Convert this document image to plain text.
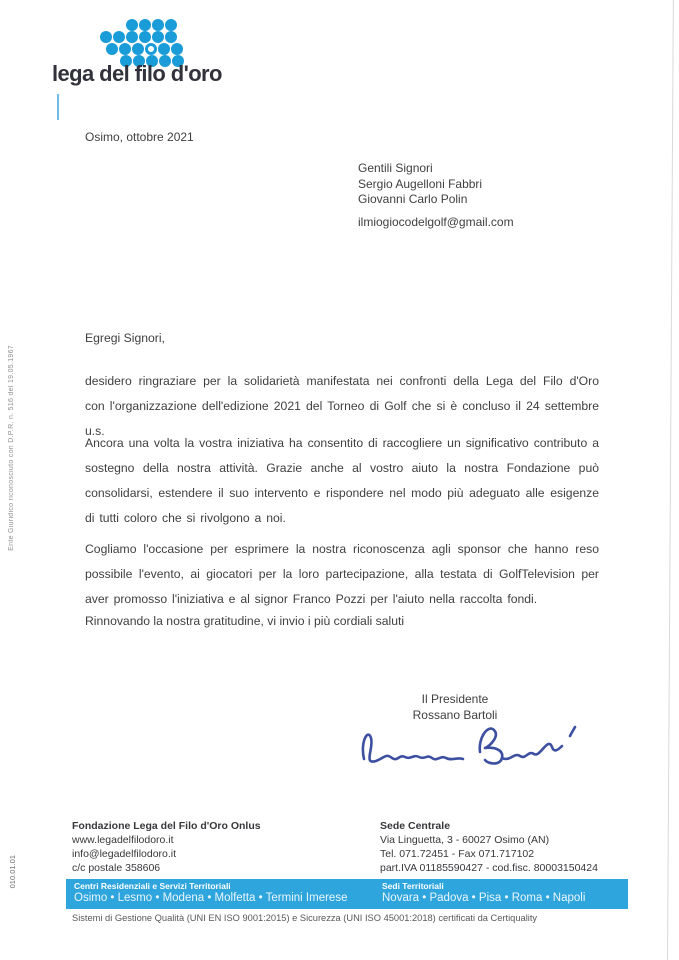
lega del filo d'oro
Ente Giuridico riconosciuto con D.P.R. n. 516 del 19.05.1967
010.01.01
Osimo, ottobre 2021
Gentili Signori
Sergio Augelloni Fabbri
Giovanni Carlo Polin
ilmiogiocodelgolf@gmail.com
Egregi Signori,
desidero ringraziare per la solidarietà manifestata nei confronti della Lega del Filo d'Oro con l'organizzazione dell'edizione 2021 del Torneo di Golf che si è concluso il 24 settembre u.s.
Ancora una volta la vostra iniziativa ha consentito di raccogliere un significativo contributo a sostegno della nostra attività. Grazie anche al vostro aiuto la nostra Fondazione può consolidarsi, estendere il suo intervento e rispondere nel modo più adeguato alle esigenze di tutti coloro che si rivolgono a noi.
Cogliamo l'occasione per esprimere la nostra riconoscenza agli sponsor che hanno reso possibile l'evento, ai giocatori per la loro partecipazione, alla testata di GolfTelevision per aver promosso l'iniziativa e al signor Franco Pozzi per l'aiuto nella raccolta fondi.
Rinnovando la nostra gratitudine, vi invio i più cordiali saluti
Il Presidente
Rossano Bartoli
Fondazione Lega del Filo d'Oro Onlus
www.legadelfilodoro.it
info@legadelfilodoro.it
c/c postale 358606
Sede Centrale
Via Linguetta, 3 - 60027 Osimo (AN)
Tel. 071.72451 - Fax 071.717102
part.IVA 01185590427 - cod.fisc. 80003150424
Centri Residenziali e Servizi Territoriali
Osimo • Lesmo • Modena • Molfetta • Termini Imerese
Sedi Territoriali
Novara • Padova • Pisa • Roma • Napoli
Sistemi di Gestione Qualità (UNI EN ISO 9001:2015) e Sicurezza (UNI ISO 45001:2018) certificati da Certiquality
